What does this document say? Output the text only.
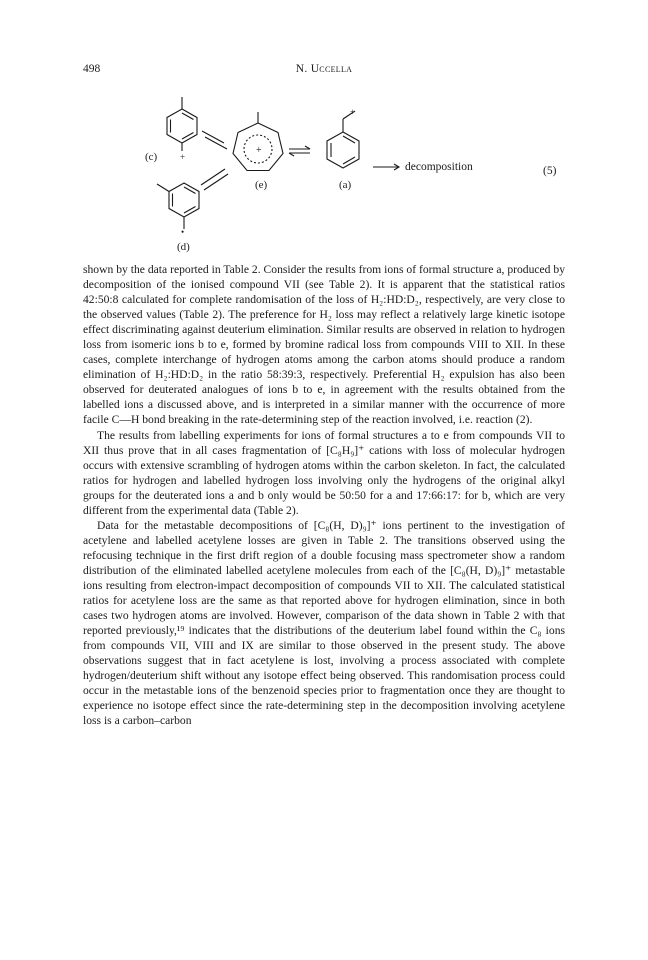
498	N. Uccella
(c)	+
+
(e)	(a)
+
decomposition	(5)
•
(d)

shown by the data reported in Table 2. Consider the results from ions of formal structure a, produced by decomposition of the ionised compound VII (see Table 2). It is apparent that the statistical ratios 42:50:8 calculated for complete randomisation of the loss of H₂:HD:D₂, respectively, are very close to the observed values (Table 2). The preference for H₂ loss may reflect a relatively large kinetic isotope effect discriminating against deuterium elimination. Similar results are observed in relation to hydrogen loss from isomeric ions b to e, formed by bromine radical loss from compounds VIII to XII. In these cases, complete interchange of hydrogen atoms among the carbon atoms should produce a random elimination of H₂:HD:D₂ in the ratio 58:39:3, respectively. Preferential H₂ expulsion has also been observed for deuterated analogues of ions b to e, in agreement with the results obtained from the labelled ions a discussed above, and is interpreted in a similar manner with the occurrence of more facile C—H bond breaking in the rate-determining step of the reaction involved, i.e. reaction (2).

The results from labelling experiments for ions of formal structures a to e from compounds VII to XII thus prove that in all cases fragmentation of [C₈H₉]⁺ cations with loss of molecular hydrogen occurs with extensive scrambling of hydrogen atoms within the carbon skeleton. In fact, the calculated ratios for hydrogen and labelled hydrogen loss involving only the hydrogens of the original alkyl groups for the deuterated ions a and b only would be 50:50 for a and 17:66:17: for b, which are very different from the experimental data (Table 2).

Data for the metastable decompositions of [C₈(H, D)₉]⁺ ions pertinent to the investigation of acetylene and labelled acetylene losses are given in Table 2. The transitions observed using the refocusing technique in the first drift region of a double focusing mass spectrometer show a random distribution of the eliminated labelled acetylene molecules from each of the [C₈(H, D)₉]⁺ metastable ions resulting from electron-impact decomposition of compounds VII to XII. The calculated statistical ratios for acetylene loss are the same as that reported above for hydrogen elimination, since in both cases two hydrogen atoms are involved. However, comparison of the data shown in Table 2 with that reported previously,¹⁹ indicates that the distributions of the deuterium label found within the C₈ ions from compounds VII, VIII and IX are similar to those observed in the present study. The above observations suggest that in fact acetylene is lost, involving a process associated with complete hydrogen/deuterium shift without any isotope effect being observed. This randomisation process could occur in the metastable ions of the benzenoid species prior to fragmentation once they are thought to experience no isotope effect since the rate-determining step in the decomposition involving acetylene loss is a carbon–carbon
